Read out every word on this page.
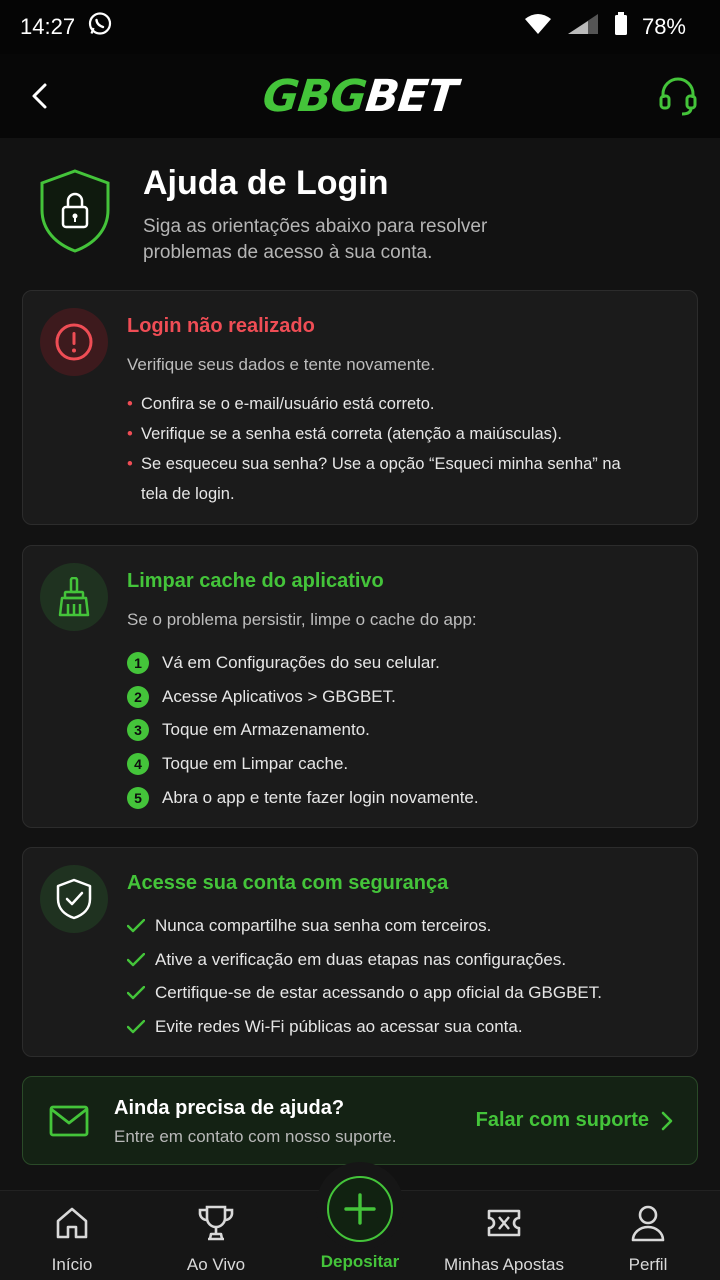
14:27	78%
GBGBET
Ajuda de Login
Siga as orientações abaixo para resolver problemas de acesso à sua conta.
Login não realizado
Verifique seus dados e tente novamente.
• Confira se o e-mail/usuário está correto.
• Verifique se a senha está correta (atenção a maiúsculas).
• Se esqueceu sua senha? Use a opção “Esqueci minha senha” na tela de login.
Limpar cache do aplicativo
Se o problema persistir, limpe o cache do app:
1	Vá em Configurações do seu celular.
2	Acesse Aplicativos > GBGBET.
3	Toque em Armazenamento.
4	Toque em Limpar cache.
5	Abra o app e tente fazer login novamente.
Acesse sua conta com segurança
Nunca compartilhe sua senha com terceiros.
Ative a verificação em duas etapas nas configurações.
Certifique-se de estar acessando o app oficial da GBGBET.
Evite redes Wi-Fi públicas ao acessar sua conta.
Ainda precisa de ajuda?
Entre em contato com nosso suporte.
Falar com suporte
Início	Ao Vivo	Minhas Apostas	Perfil
Depositar
